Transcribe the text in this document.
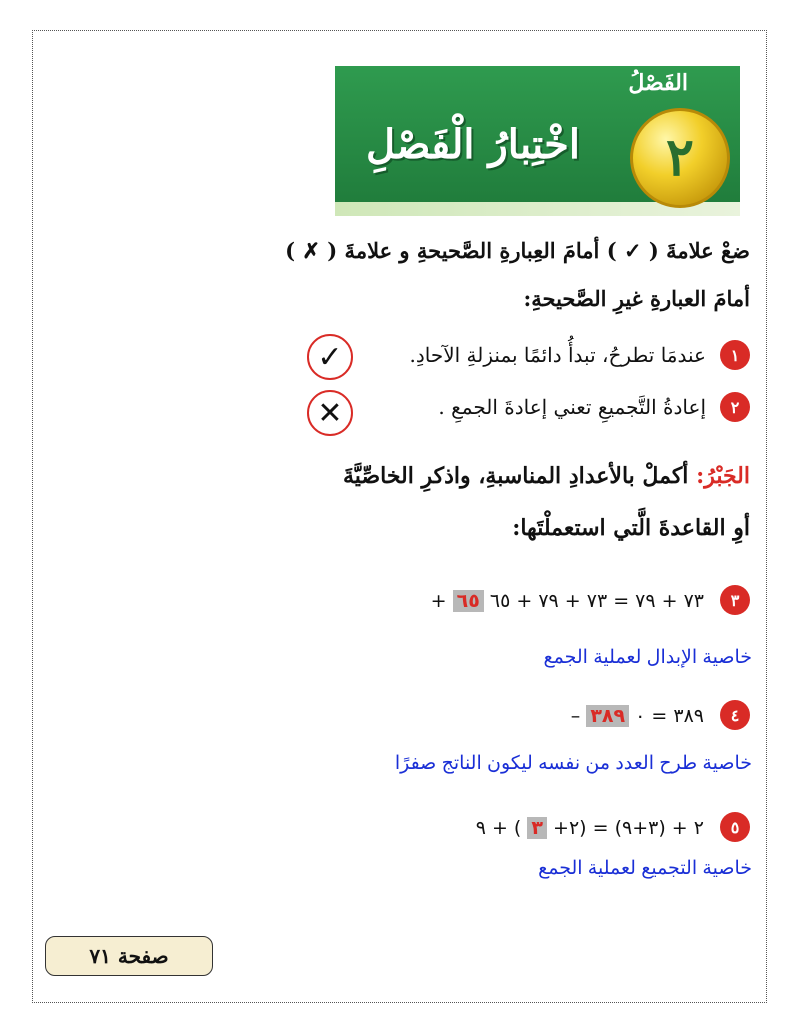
الفَصْلُ
اخْتِبارُ الْفَصْلِ	٢
ضعْ علامةَ ( ✓ ) أمامَ العِبارةِ الصَّحيحةِ و علامةَ ( ✗ )
أمامَ العبارةِ غيرِ الصَّحيحةِ:
١
عندمَا تطرحُ، تبدأُ دائمًا بمنزلةِ الآحادِ.
✓
٢
إعادةُ التَّجميعِ تعني إعادةَ الجمعِ .
✕
الجَبْرُ: أكملْ بالأعدادِ المناسبةِ، واذكرِ الخاصِّيَّةَ
أوِ القاعدةَ الَّتي استعملْتَها:
٣
+ ٧٣ + ٧٩ = ٧٣ + ٧٩ + ٦٥ ٦٥
خاصية الإبدال لعملية الجمع
٤
– ٣٨٩ = ٠ ٣٨٩
خاصية طرح العدد من نفسه ليكون الناتج صفرًا
٥
٢ + (٣+٩) = (٢+ ٣ ) + ٩
خاصية التجميع لعملية الجمع
صفحة ٧١
